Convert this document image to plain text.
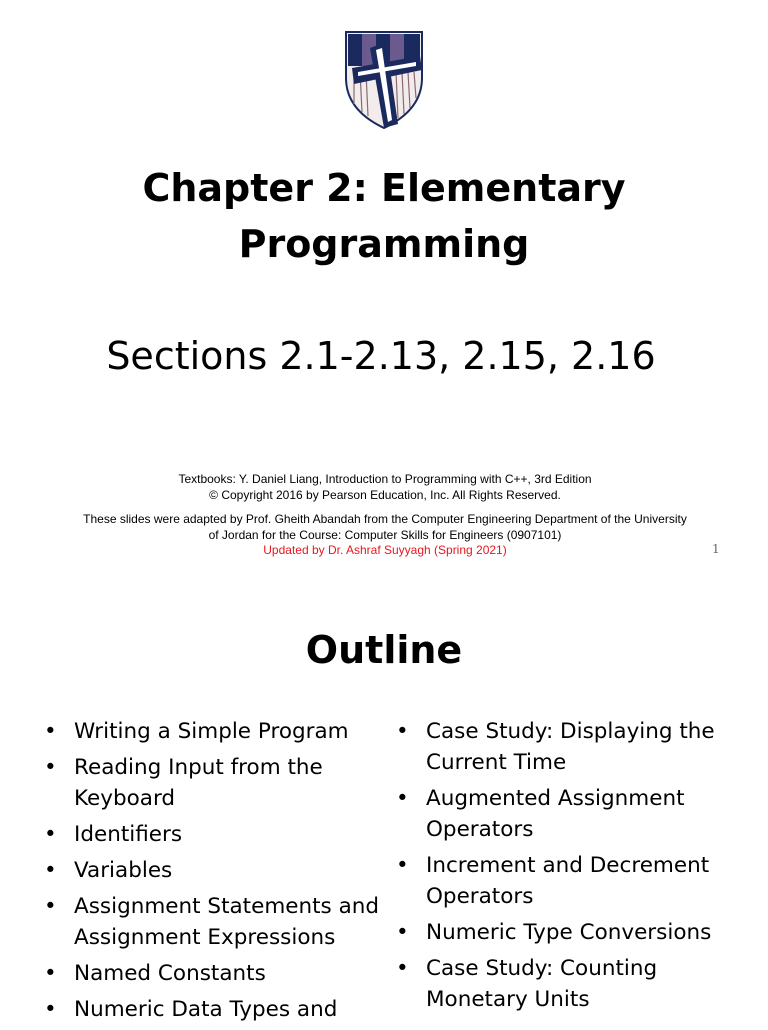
Chapter 2: Elementary
Programming
Sections 2.1-2.13, 2.15, 2.16
Textbooks: Y. Daniel Liang, Introduction to Programming with C++, 3rd Edition
© Copyright 2016 by Pearson Education, Inc. All Rights Reserved.
These slides were adapted by Prof. Gheith Abandah from the Computer Engineering Department of the University
of Jordan for the Course: Computer Skills for Engineers (0907101)
Updated by Dr. Ashraf Suyyagh (Spring 2021)	1
Outline
• Writing a Simple Program
• Reading Input from the
Keyboard
• Identifiers
• Variables
• Assignment Statements and
Assignment Expressions
• Named Constants
• Numeric Data Types and
• Case Study: Displaying the
Current Time
• Augmented Assignment
Operators
• Increment and Decrement
Operators
• Numeric Type Conversions
• Case Study: Counting
Monetary Units
